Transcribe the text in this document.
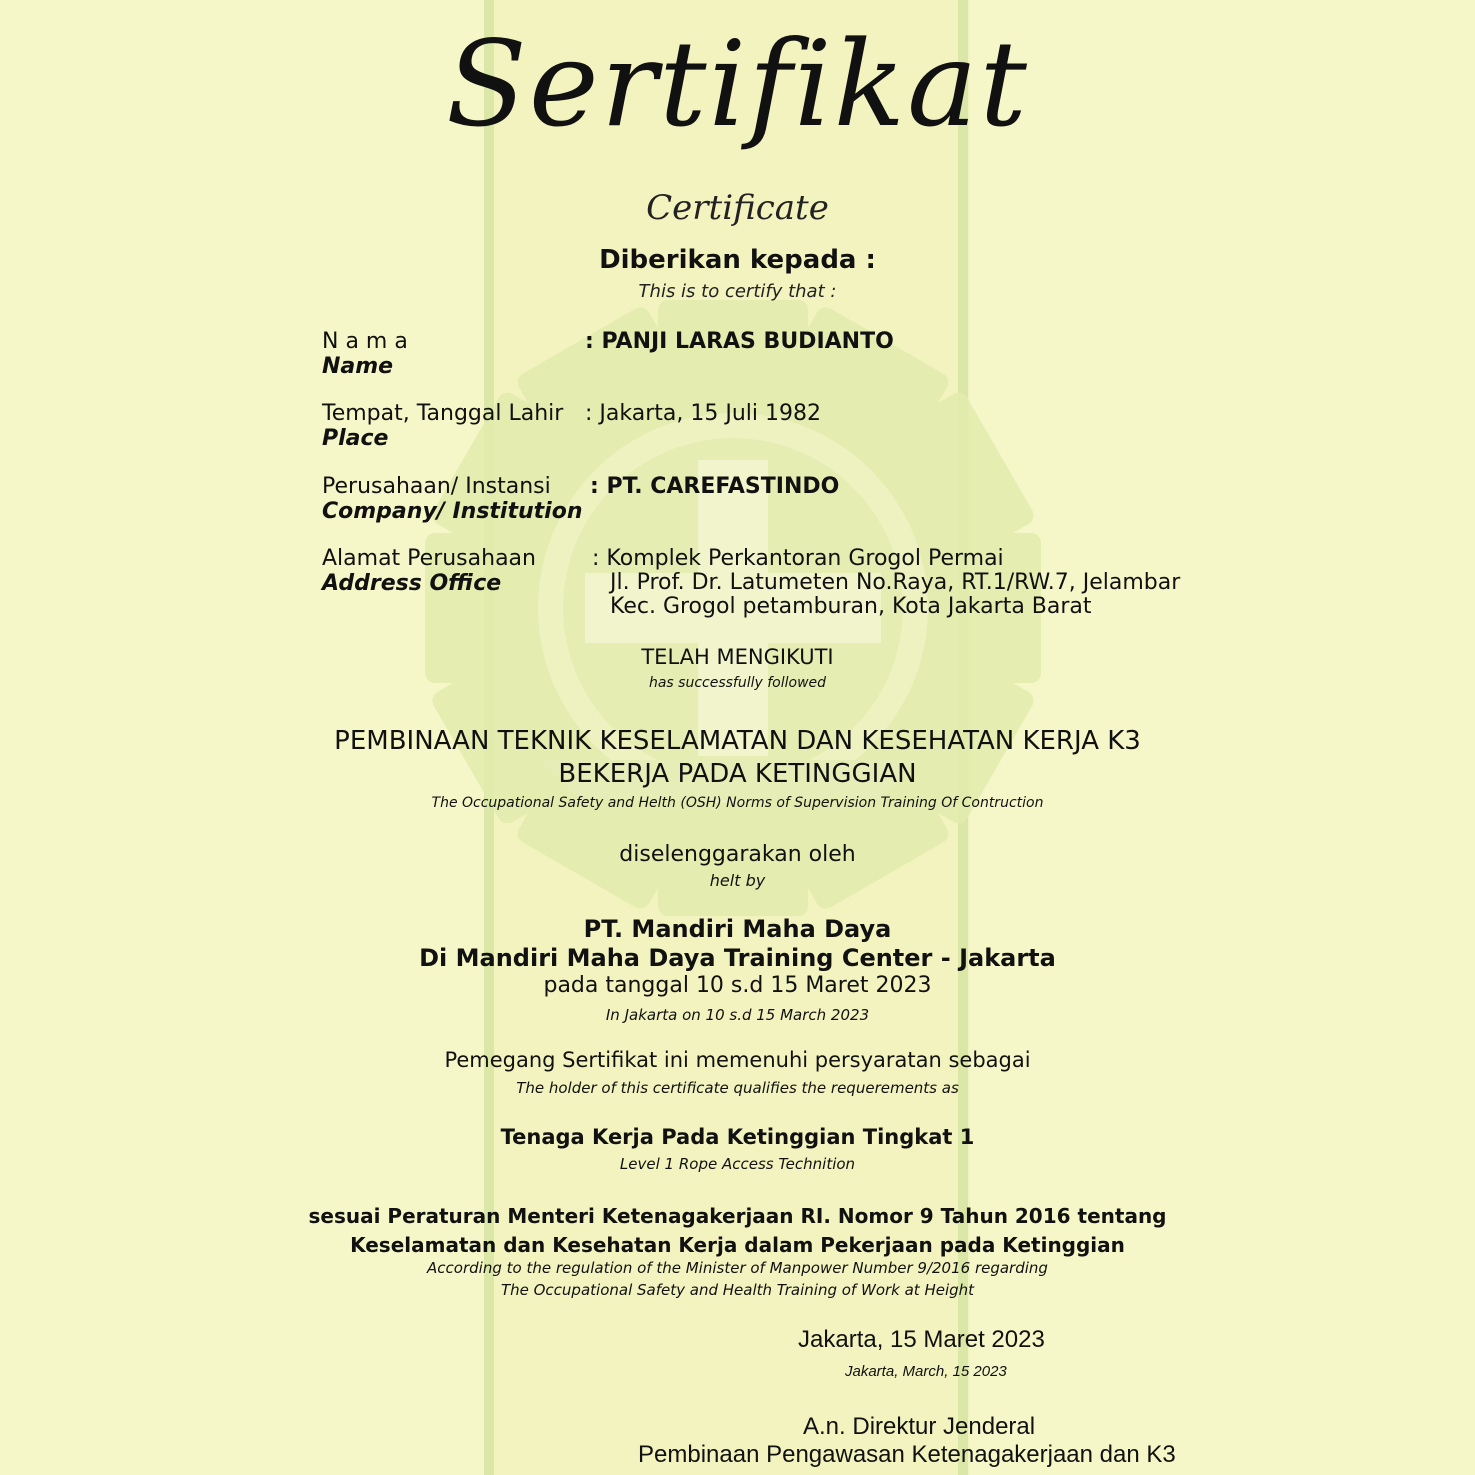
Sertifikat
Certificate
Diberikan kepada :
This is to certify that :
N a m a
Name
: PANJI LARAS BUDIANTO
Tempat, Tanggal Lahir
Place
: Jakarta, 15 Juli 1982
Perusahaan/ Instansi
Company/ Institution
: PT. CAREFASTINDO
Alamat Perusahaan
Address Office
: Komplek Perkantoran Grogol Permai
Jl. Prof. Dr. Latumeten No.Raya, RT.1/RW.7, Jelambar
Kec. Grogol petamburan, Kota Jakarta Barat
TELAH MENGIKUTI
has successfully followed
PEMBINAAN TEKNIK KESELAMATAN DAN KESEHATAN KERJA K3
BEKERJA PADA KETINGGIAN
The Occupational Safety and Helth (OSH) Norms of Supervision Training Of Contruction
diselenggarakan oleh
helt by
PT. Mandiri Maha Daya
Di Mandiri Maha Daya Training Center - Jakarta
pada tanggal 10 s.d 15 Maret 2023
In Jakarta on 10 s.d 15 March 2023
Pemegang Sertifikat ini memenuhi persyaratan sebagai
The holder of this certificate qualifies the requerements as
Tenaga Kerja Pada Ketinggian Tingkat 1
Level 1 Rope Access Technition
sesuai Peraturan Menteri Ketenagakerjaan RI. Nomor 9 Tahun 2016 tentang
Keselamatan dan Kesehatan Kerja dalam Pekerjaan pada Ketinggian
According to the regulation of the Minister of Manpower Number 9/2016 regarding
The Occupational Safety and Health Training of Work at Height
Jakarta, 15 Maret 2023
Jakarta, March, 15 2023
A.n. Direktur Jenderal
Pembinaan Pengawasan Ketenagakerjaan dan K3
